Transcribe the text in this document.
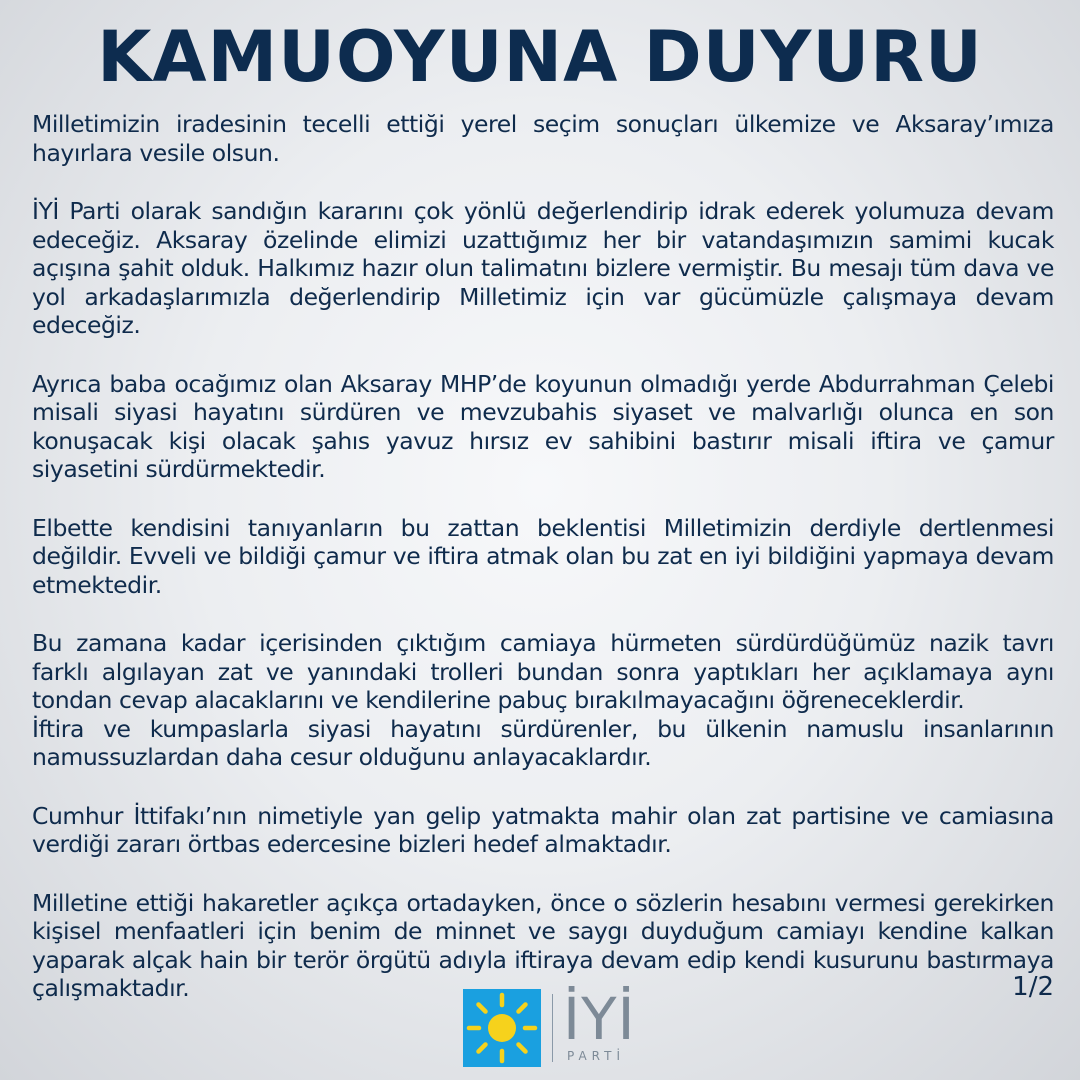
KAMUOYUNA DUYURU

Milletimizin iradesinin tecelli ettiği yerel seçim sonuçları ülkemize ve Aksaray’ımıza hayırlara vesile olsun.

İYİ Parti olarak sandığın kararını çok yönlü değerlendirip idrak ederek yolumuza devam edeceğiz. Aksaray özelinde elimizi uzattığımız her bir vatandaşımızın samimi kucak açışına şahit olduk. Halkımız hazır olun talimatını bizlere vermiştir. Bu mesajı tüm dava ve yol arkadaşlarımızla değerlendirip Milletimiz için var gücümüzle çalışmaya devam edeceğiz.

Ayrıca baba ocağımız olan Aksaray MHP’de koyunun olmadığı yerde Abdurrahman Çelebi misali siyasi hayatını sürdüren ve mevzubahis siyaset ve malvarlığı olunca en son konuşacak kişi olacak şahıs yavuz hırsız ev sahibini bastırır misali iftira ve çamur siyasetini sürdürmektedir.

Elbette kendisini tanıyanların bu zattan beklentisi Milletimizin derdiyle dertlenmesi değildir. Evveli ve bildiği çamur ve iftira atmak olan bu zat en iyi bildiğini yapmaya devam etmektedir.

Bu zamana kadar içerisinden çıktığım camiaya hürmeten sürdürdüğümüz nazik tavrı farklı algılayan zat ve yanındaki trolleri bundan sonra yaptıkları her açıklamaya aynı tondan cevap alacaklarını ve kendilerine pabuç bırakılmayacağını öğreneceklerdir.

İftira ve kumpaslarla siyasi hayatını sürdürenler, bu ülkenin namuslu insanlarının namussuzlardan daha cesur olduğunu anlayacaklardır.

Cumhur İttifakı’nın nimetiyle yan gelip yatmakta mahir olan zat partisine ve camiasına verdiği zararı örtbas edercesine bizleri hedef almaktadır.

Milletine ettiği hakaretler açıkça ortadayken, önce o sözlerin hesabını vermesi gerekirken kişisel menfaatleri için benim de minnet ve saygı duyduğum camiayı kendine kalkan yaparak alçak hain bir terör örgütü adıyla iftiraya devam edip kendi kusurunu bastırmaya çalışmaktadır.	1/2
İYİ
PARTİ
